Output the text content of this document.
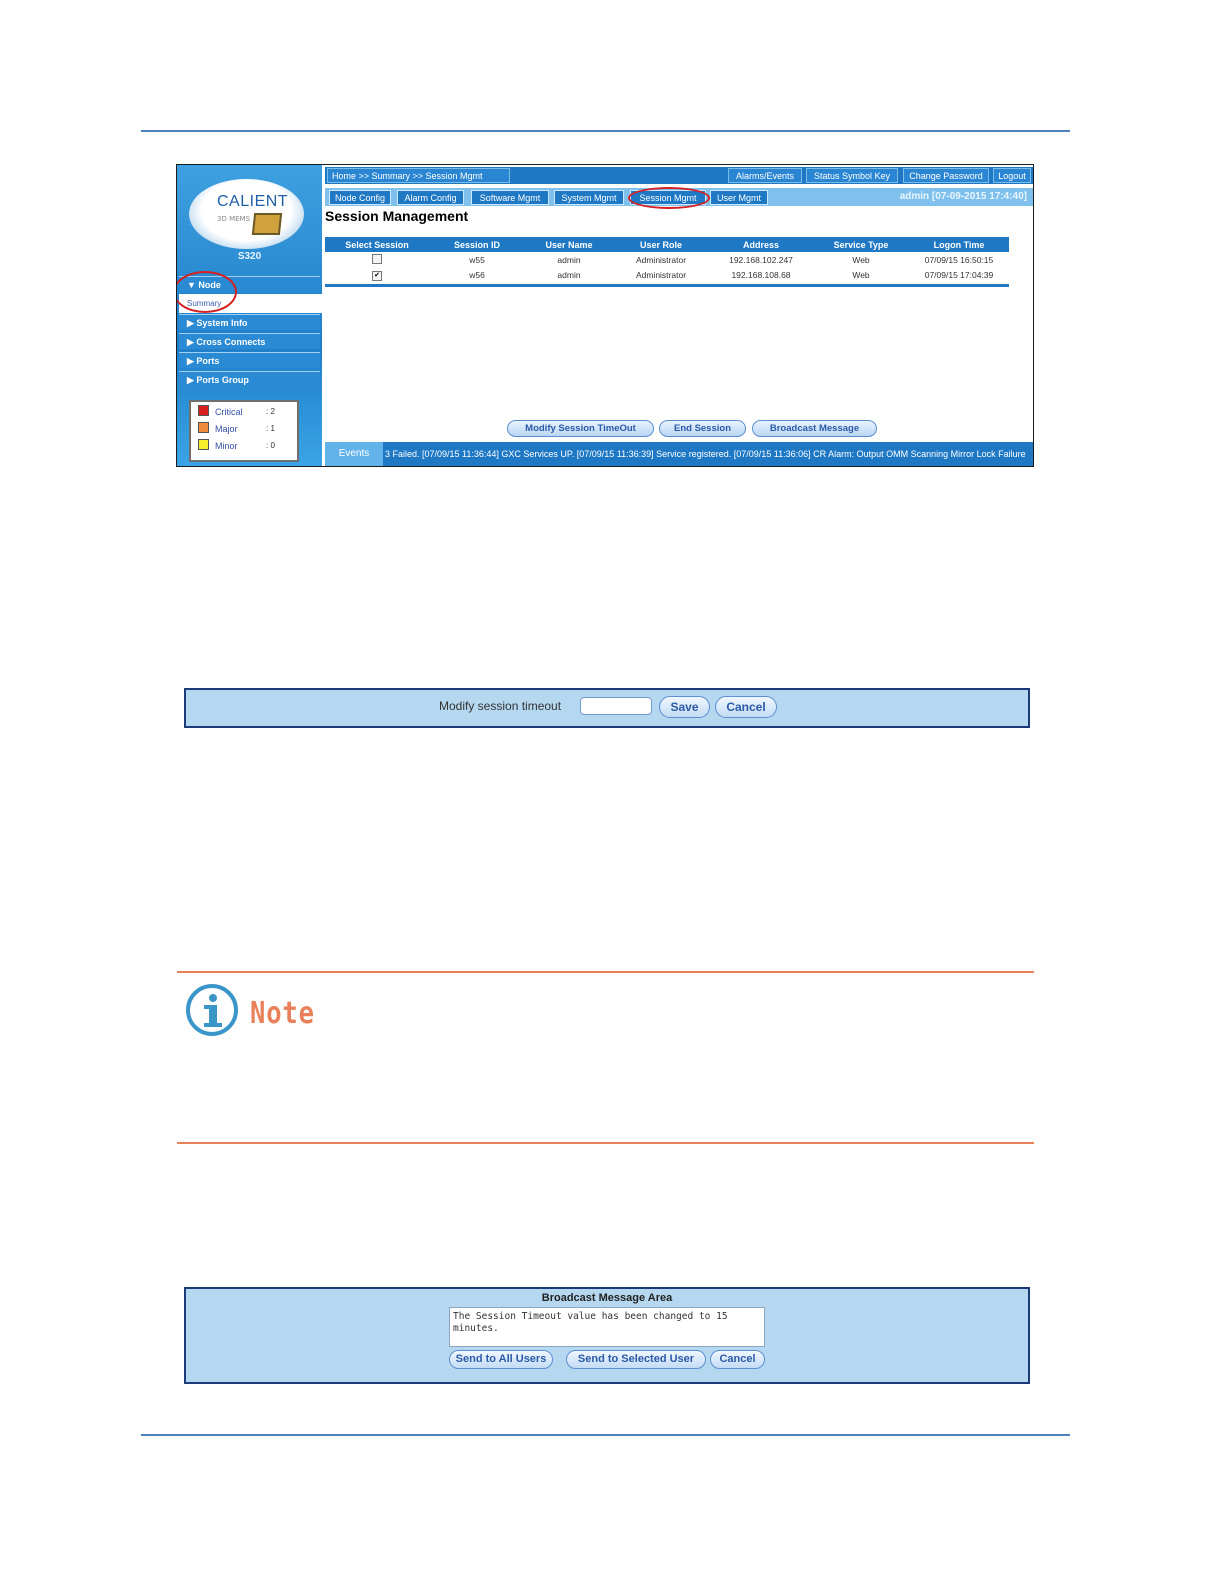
CALIENT
3D MEMS
S320
▼ Node
Summary
▶ System Info
▶ Cross Connects
▶ Ports
▶ Ports Group
Critical	: 2
Major	: 1
Minor	: 0
Home >> Summary >> Session Mgmt	Alarms/Events	Status Symbol Key	Change Password	Logout
Node Config	Alarm Config	Software Mgmt	System Mgmt	Session Mgmt	User Mgmt	admin [07-09-2015 17:4:40]
Session Management
Select Session	Session ID	User Name	User Role	Address	Service Type	Logon Time
	w55	admin	Administrator	192.168.102.247	Web	07/09/15 16:50:15
✔	w56	admin	Administrator	192.168.108.68	Web	07/09/15 17:04:39
Modify Session TimeOut	End Session	Broadcast Message
Events	3 Failed. [07/09/15 11:36:44] GXC Services UP. [07/09/15 11:36:39] Service registered. [07/09/15 11:36:06] CR Alarm: Output OMM Scanning Mirror Lock Failure
Modify session timeout	Save	Cancel
Note
Broadcast Message Area
The Session Timeout value has been changed to 15 minutes.
Send to All Users	Send to Selected User	Cancel
